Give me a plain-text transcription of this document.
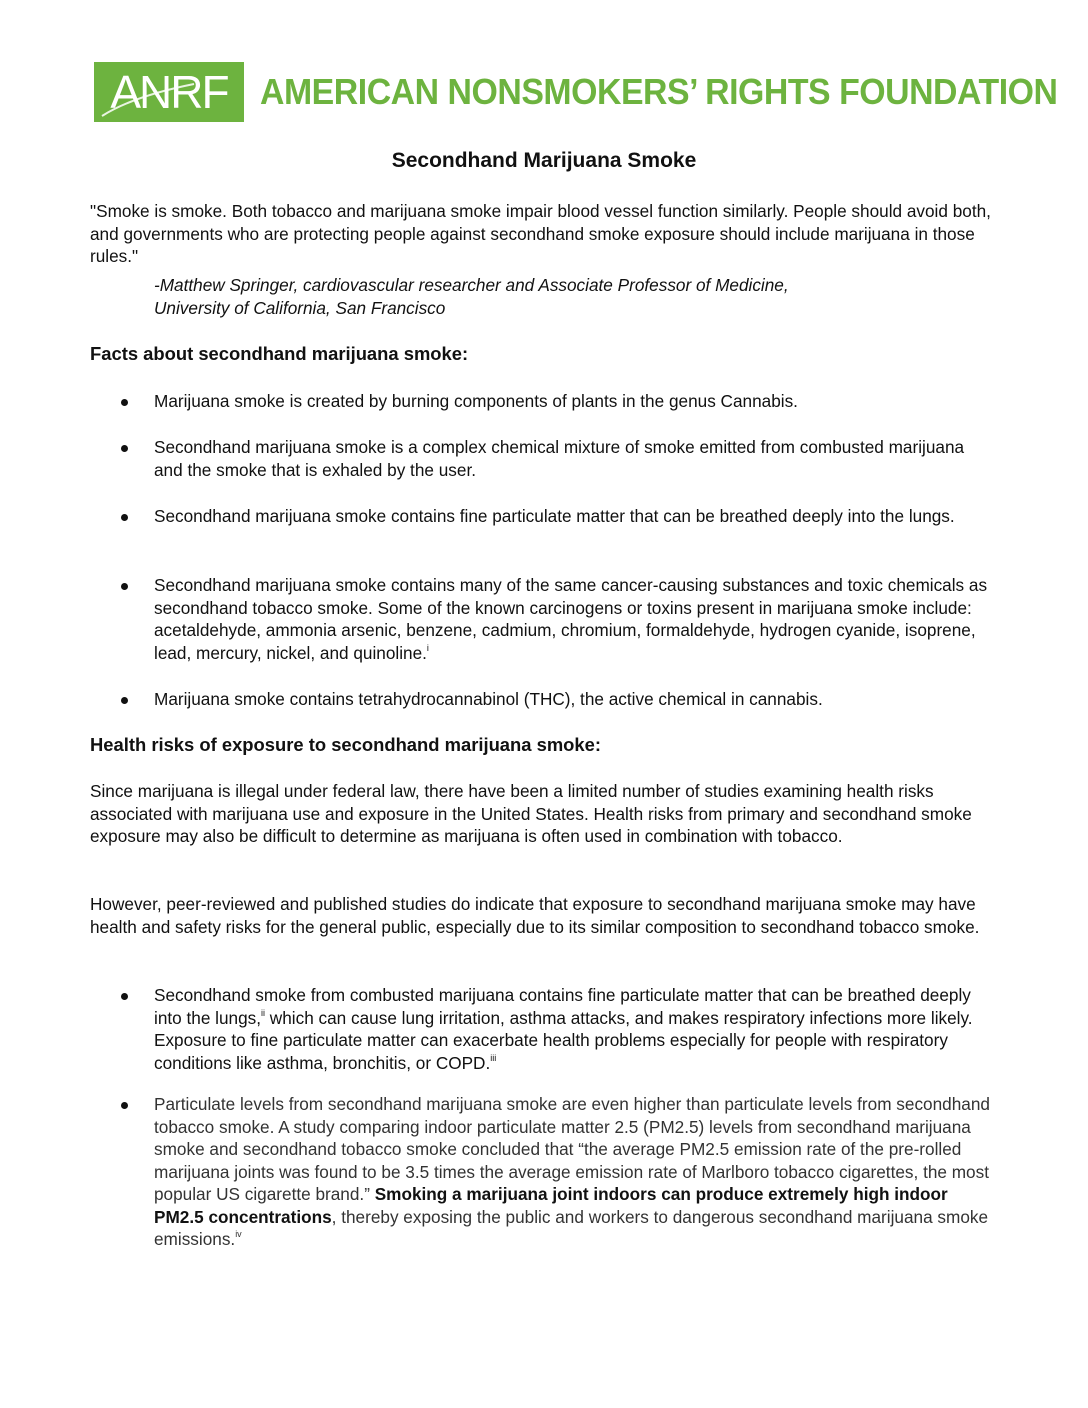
ANRF AMERICAN NONSMOKERS’ RIGHTS FOUNDATION
Secondhand Marijuana Smoke
"Smoke is smoke. Both tobacco and marijuana smoke impair blood vessel function similarly. People should avoid both, and governments who are protecting people against secondhand smoke exposure should include marijuana in those rules."
-Matthew Springer, cardiovascular researcher and Associate Professor of Medicine,
University of California, San Francisco
Facts about secondhand marijuana smoke:
Marijuana smoke is created by burning components of plants in the genus Cannabis.
Secondhand marijuana smoke is a complex chemical mixture of smoke emitted from combusted marijuana and the smoke that is exhaled by the user.
Secondhand marijuana smoke contains fine particulate matter that can be breathed deeply into the lungs.
Secondhand marijuana smoke contains many of the same cancer-causing substances and toxic chemicals as secondhand tobacco smoke. Some of the known carcinogens or toxins present in marijuana smoke include: acetaldehyde, ammonia arsenic, benzene, cadmium, chromium, formaldehyde, hydrogen cyanide, isoprene, lead, mercury, nickel, and quinoline.$^i$
Marijuana smoke contains tetrahydrocannabinol (THC), the active chemical in cannabis.
Health risks of exposure to secondhand marijuana smoke:
Since marijuana is illegal under federal law, there have been a limited number of studies examining health risks associated with marijuana use and exposure in the United States. Health risks from primary and secondhand smoke exposure may also be difficult to determine as marijuana is often used in combination with tobacco.
However, peer-reviewed and published studies do indicate that exposure to secondhand marijuana smoke may have health and safety risks for the general public, especially due to its similar composition to secondhand tobacco smoke.
Secondhand smoke from combusted marijuana contains fine particulate matter that can be breathed deeply into the lungs,$^{ii}$ which can cause lung irritation, asthma attacks, and makes respiratory infections more likely. Exposure to fine particulate matter can exacerbate health problems especially for people with respiratory conditions like asthma, bronchitis, or COPD.$^{iii}$
Particulate levels from secondhand marijuana smoke are even higher than particulate levels from secondhand tobacco smoke. A study comparing indoor particulate matter 2.5 (PM2.5) levels from secondhand marijuana smoke and secondhand tobacco smoke concluded that “the average PM2.5 emission rate of the pre-rolled marijuana joints was found to be 3.5 times the average emission rate of Marlboro tobacco cigarettes, the most popular US cigarette brand.” Smoking a marijuana joint indoors can produce extremely high indoor PM2.5 concentrations, thereby exposing the public and workers to dangerous secondhand marijuana smoke emissions.$^{iv}$
